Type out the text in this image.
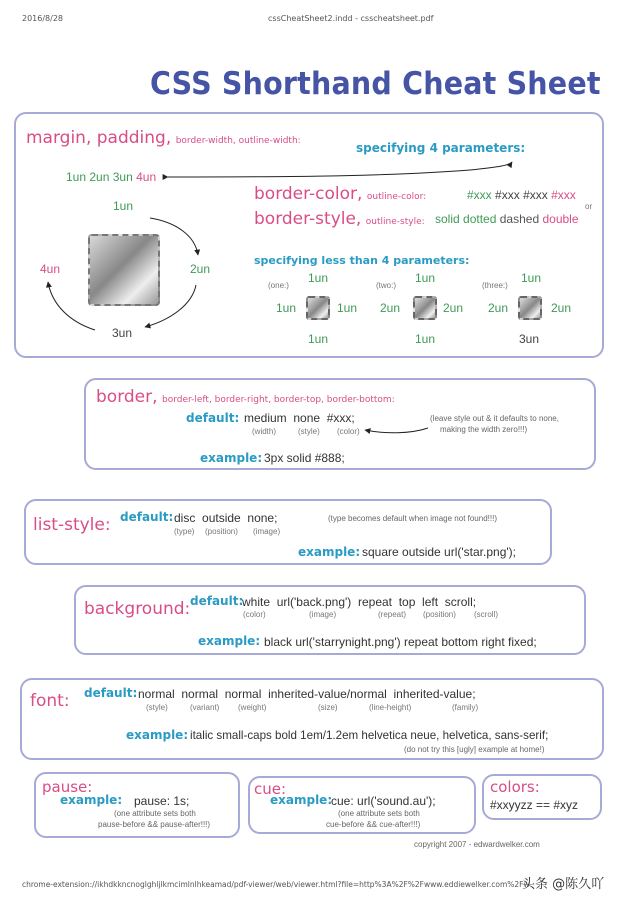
2016/8/28	cssCheatSheet2.indd - csscheatsheet.pdf
CSS Shorthand Cheat Sheet
margin, padding, border-width, outline-width:	specifying 4 parameters:
1un 2un 3un 4un
border-color, outline-color:	#xxx #xxx #xxx #xxx
or
border-style, outline-style: solid dotted dashed double
1un
2un
4un
3un
specifying less than 4 parameters:
(one:)
1un
1un	1un
1un
(two:)
1un
2un	2un
1un
(three:)
1un
2un	2un
3un
border, border-left, border-right, border-top, border-bottom:
default: medium none #xxx;
(width)	(style) (color)
(leave style out & it defaults to none,
making the width zero!!!)
example: 3px solid #888;
list-style: default: disc outside none;
(type) (position) (image)
(type becomes default when image not found!!!)
example: square outside url('star.png');
background: default:
white url('back.png') repeat top left scroll;
(color)	(image)	(repeat) (position) (scroll)
example: black url('starrynight.png') repeat bottom right fixed;
font: default: normal normal normal inherited-value/normal inherited-value;
(style)	(variant) (weight)	(size)	(line-height)	(family)
example: italic small-caps bold 1em/1.2em helvetica neue, helvetica, sans-serif;
(do not try this [ugly] example at home!)
pause:
example: pause: 1s;
(one attribute sets both
pause-before && pause-after!!!)
cue:
example:
cue: url('sound.au');
(one attribute sets both
cue-before && cue-after!!!)
colors:
#xxyyzz == #xyz
copyright 2007 - edwardwelker.com
chrome-extension://ikhdkkncnoglghljlkmcimlnlhkeamad/pdf-viewer/web/viewer.html?file=http%3A%2F%2Fwww.eddiewelker.com%2Fw
头条 @陈久吖
